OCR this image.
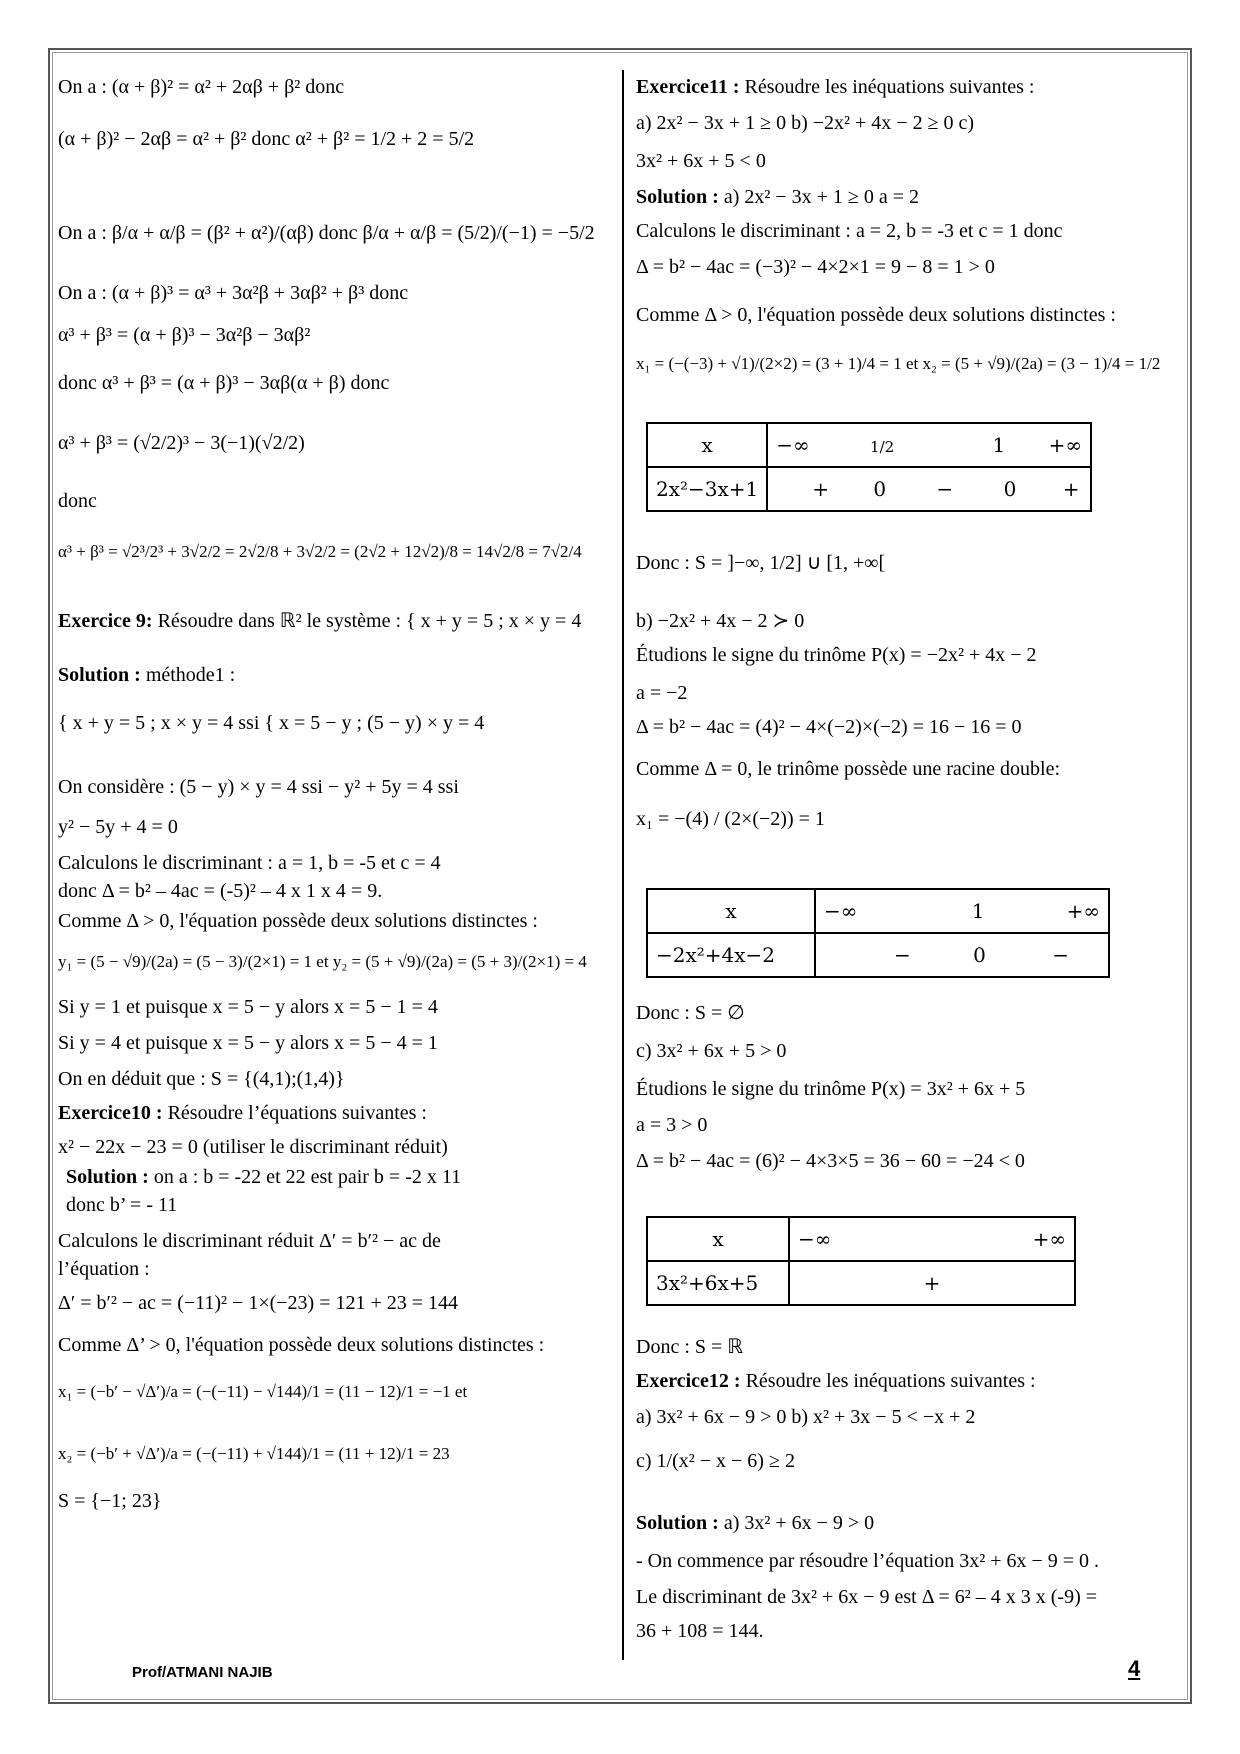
On a : (α + β)² = α² + 2αβ + β² donc
(α + β)² − 2αβ = α² + β² donc α² + β² = 1/2 + 2 = 5/2
On a : β/α + α/β = (β² + α²)/(αβ) donc β/α + α/β = (5/2)/(−1) = −5/2
On a : (α + β)³ = α³ + 3α²β + 3αβ² + β³ donc
α³ + β³ = (α + β)³ − 3α²β − 3αβ²
donc α³ + β³ = (α + β)³ − 3αβ(α + β) donc
α³ + β³ = (√2/2)³ − 3(−1)(√2/2)
donc
α³ + β³ = √2³/2³ + 3√2/2 = 2√2/8 + 3√2/2 = (2√2 + 12√2)/8 = 14√2/8 = 7√2/4
Exercice 9: Résoudre dans ℝ² le système : { x + y = 5 ; x × y = 4
Solution : méthode1 :
{ x + y = 5 ; x × y = 4 ssi { x = 5 − y ; (5 − y) × y = 4
On considère : (5 − y) × y = 4 ssi − y² + 5y = 4 ssi
y² − 5y + 4 = 0
Calculons le discriminant : a = 1, b = -5 et c = 4
donc Δ = b² – 4ac = (-5)² – 4 x 1 x 4 = 9.
Comme Δ > 0, l'équation possède deux solutions distinctes :
y₁ = (5 − √9)/(2a) = (5 − 3)/(2×1) = 1 et y₂ = (5 + √9)/(2a) = (5 + 3)/(2×1) = 4
Si y = 1 et puisque x = 5 − y alors x = 5 − 1 = 4
Si y = 4 et puisque x = 5 − y alors x = 5 − 4 = 1
On en déduit que : S = {(4,1);(1,4)}
Exercice10 : Résoudre l’équations suivantes :
x² − 22x − 23 = 0 (utiliser le discriminant réduit)
Solution : on a : b = -22 et 22 est pair b = -2 x 11
donc b’ = - 11
Calculons le discriminant réduit Δ′ = b′² − ac de
l’équation :
Δ′ = b′² − ac = (−11)² − 1×(−23) = 121 + 23 = 144
Comme Δ’ > 0, l'équation possède deux solutions distinctes :
x₁ = (−b′ − √Δ′)/a = (−(−11) − √144)/1 = (11 − 12)/1 = −1 et
x₂ = (−b′ + √Δ′)/a = (−(−11) + √144)/1 = (11 + 12)/1 = 23
S = {−1; 23}
Exercice11 : Résoudre les inéquations suivantes :
a) 2x² − 3x + 1 ≥ 0 b) −2x² + 4x − 2 ≥ 0 c)
3x² + 6x + 5 < 0
Solution : a) 2x² − 3x + 1 ≥ 0 a = 2
Calculons le discriminant : a = 2, b = -3 et c = 1 donc
Δ = b² − 4ac = (−3)² − 4×2×1 = 9 − 8 = 1 > 0
Comme Δ > 0, l'équation possède deux solutions distinctes :
x₁ = (−(−3) + √1)/(2×2) = (3 + 1)/4 = 1 et x₂ = (5 + √9)/(2a) = (3 − 1)/4 = 1/2
x	−∞ 1/2 1 +∞

2x²−3x+1	+ 0 − 0 +
Donc : S = ]−∞, 1/2] ∪ [1, +∞[
b) −2x² + 4x − 2 ≻ 0
Étudions le signe du trinôme P(x) = −2x² + 4x − 2
a = −2
Δ = b² − 4ac = (4)² − 4×(−2)×(−2) = 16 − 16 = 0
Comme Δ = 0, le trinôme possède une racine double:
x₁ = −(4) / (2×(−2)) = 1
x	−∞ 1 +∞

−2x²+4x−2	− 0 −
Donc : S = ∅
c) 3x² + 6x + 5 > 0
Étudions le signe du trinôme P(x) = 3x² + 6x + 5
a = 3 > 0
Δ = b² − 4ac = (6)² − 4×3×5 = 36 − 60 = −24 < 0
x	−∞ +∞

3x²+6x+5	+
Donc : S = ℝ
Exercice12 : Résoudre les inéquations suivantes :
a) 3x² + 6x − 9 > 0 b) x² + 3x − 5 < −x + 2
c) 1/(x² − x − 6) ≥ 2
Solution : a) 3x² + 6x − 9 > 0
- On commence par résoudre l’équation 3x² + 6x − 9 = 0 .
Le discriminant de 3x² + 6x − 9 est Δ = 6² – 4 x 3 x (-9) =
36 + 108 = 144.
Prof/ATMANI NAJIB	4
